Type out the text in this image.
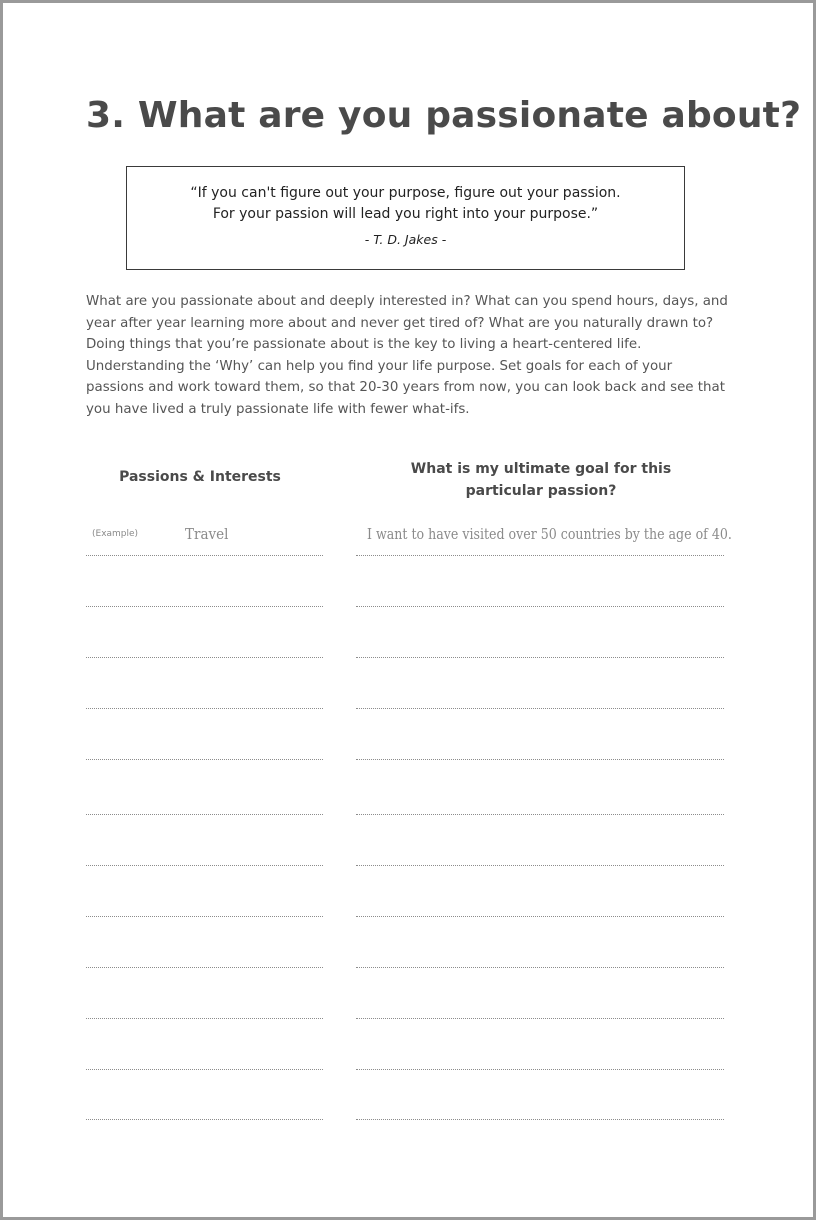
3. What are you passionate about?
“If you can't figure out your purpose, figure out your passion.
For your passion will lead you right into your purpose.”
- T. D. Jakes -

What are you passionate about and deeply interested in? What can you spend hours, days, and year after year learning more about and never get tired of? What are you naturally drawn to? Doing things that you’re passionate about is the key to living a heart-centered life. Understanding the ‘Why’ can help you find your life purpose. Set goals for each of your passions and work toward them, so that 20-30 years from now, you can look back and see that you have lived a truly passionate life with fewer what-ifs.

Passions & Interests	What is my ultimate goal for this
particular passion?
(Example)	Travel	I want to have visited over 50 countries by the age of 40.
